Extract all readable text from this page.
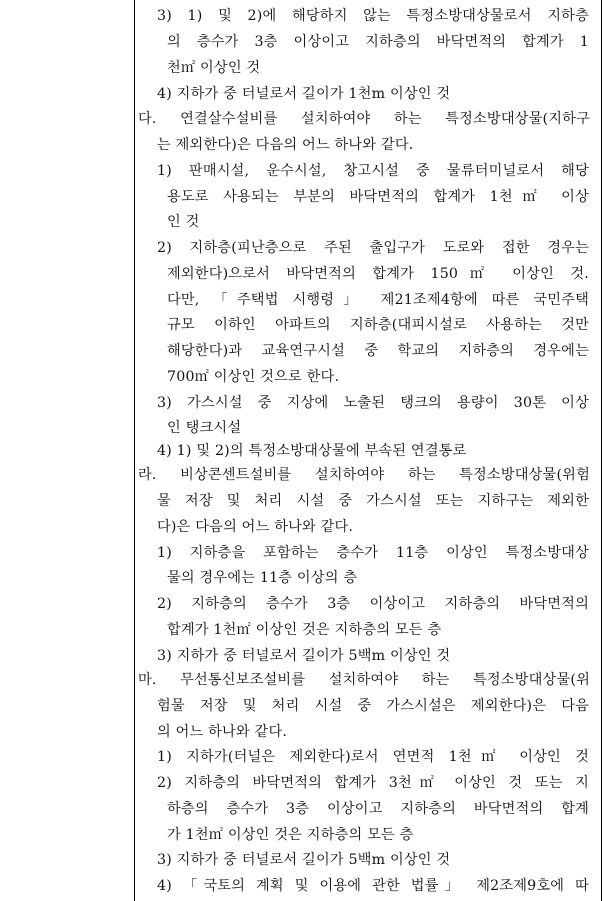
3) 1) 및 2)에 해당하지 않는 특정소방대상물로서 지하층
의 층수가 3층 이상이고 지하층의 바닥면적의 합계가 1
천㎡ 이상인 것
4) 지하가 중 터널로서 길이가 1천m 이상인 것
다. 연결살수설비를 설치하여야 하는 특정소방대상물(지하구
는 제외한다)은 다음의 어느 하나와 같다.
1) 판매시설, 운수시설, 창고시설 중 물류터미널로서 해당
용도로 사용되는 부분의 바닥면적의 합계가 1천㎡ 이상
인 것
2) 지하층(피난층으로 주된 출입구가 도로와 접한 경우는
제외한다)으로서 바닥면적의 합계가 150㎡ 이상인 것.
다만, 「주택법 시행령」 제21조제4항에 따른 국민주택
규모 이하인 아파트의 지하층(대피시설로 사용하는 것만
해당한다)과 교육연구시설 중 학교의 지하층의 경우에는
700㎡ 이상인 것으로 한다.
3) 가스시설 중 지상에 노출된 탱크의 용량이 30톤 이상
인 탱크시설
4) 1) 및 2)의 특정소방대상물에 부속된 연결통로
라. 비상콘센트설비를 설치하여야 하는 특정소방대상물(위험
물 저장 및 처리 시설 중 가스시설 또는 지하구는 제외한
다)은 다음의 어느 하나와 같다.
1) 지하층을 포함하는 층수가 11층 이상인 특정소방대상
물의 경우에는 11층 이상의 층
2) 지하층의 층수가 3층 이상이고 지하층의 바닥면적의
합계가 1천㎡ 이상인 것은 지하층의 모든 층
3) 지하가 중 터널로서 길이가 5백m 이상인 것
마. 무선통신보조설비를 설치하여야 하는 특정소방대상물(위
험물 저장 및 처리 시설 중 가스시설은 제외한다)은 다음
의 어느 하나와 같다.
1) 지하가(터널은 제외한다)로서 연면적 1천㎡ 이상인 것
2) 지하층의 바닥면적의 합계가 3천㎡ 이상인 것 또는 지
하층의 층수가 3층 이상이고 지하층의 바닥면적의 합계
가 1천㎡ 이상인 것은 지하층의 모든 층
3) 지하가 중 터널로서 길이가 5백m 이상인 것
4) 「국토의 계획 및 이용에 관한 법률」 제2조제9호에 따
